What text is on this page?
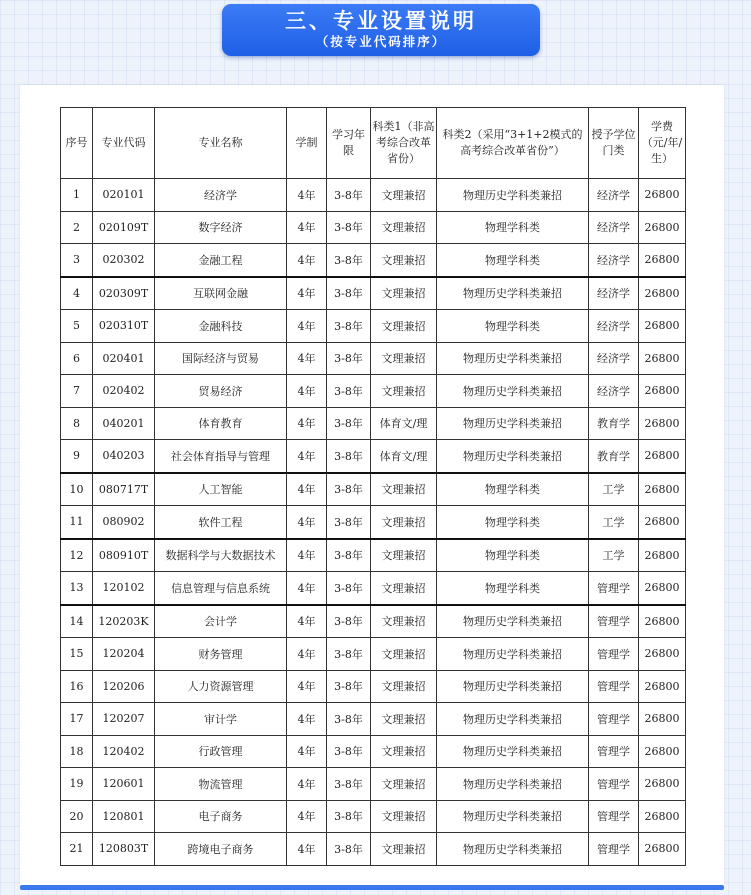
三、专业设置说明
（按专业代码排序）
序号	专业代码	专业名称	学制	学习年限	科类1（非高考综合改革省份）	科类2（采用“3+1+2模式的高考综合改革省份”）	授予学位门类	学费（元/年/生）
1	020101	经济学	4年	3-8年	文理兼招	物理历史学科类兼招	经济学	26800
2	020109T	数字经济	4年	3-8年	文理兼招	物理学科类	经济学	26800
3	020302	金融工程	4年	3-8年	文理兼招	物理学科类	经济学	26800
4	020309T	互联网金融	4年	3-8年	文理兼招	物理历史学科类兼招	经济学	26800
5	020310T	金融科技	4年	3-8年	文理兼招	物理学科类	经济学	26800
6	020401	国际经济与贸易	4年	3-8年	文理兼招	物理历史学科类兼招	经济学	26800
7	020402	贸易经济	4年	3-8年	文理兼招	物理历史学科类兼招	经济学	26800
8	040201	体育教育	4年	3-8年	体育文/理	物理历史学科类兼招	教育学	26800
9	040203	社会体育指导与管理	4年	3-8年	体育文/理	物理历史学科类兼招	教育学	26800
10	080717T	人工智能	4年	3-8年	文理兼招	物理学科类	工学	26800
11	080902	软件工程	4年	3-8年	文理兼招	物理学科类	工学	26800
12	080910T	数据科学与大数据技术	4年	3-8年	文理兼招	物理学科类	工学	26800
13	120102	信息管理与信息系统	4年	3-8年	文理兼招	物理学科类	管理学	26800
14	120203K	会计学	4年	3-8年	文理兼招	物理历史学科类兼招	管理学	26800
15	120204	财务管理	4年	3-8年	文理兼招	物理历史学科类兼招	管理学	26800
16	120206	人力资源管理	4年	3-8年	文理兼招	物理历史学科类兼招	管理学	26800
17	120207	审计学	4年	3-8年	文理兼招	物理历史学科类兼招	管理学	26800
18	120402	行政管理	4年	3-8年	文理兼招	物理历史学科类兼招	管理学	26800
19	120601	物流管理	4年	3-8年	文理兼招	物理历史学科类兼招	管理学	26800
20	120801	电子商务	4年	3-8年	文理兼招	物理历史学科类兼招	管理学	26800
21	120803T	跨境电子商务	4年	3-8年	文理兼招	物理历史学科类兼招	管理学	26800
